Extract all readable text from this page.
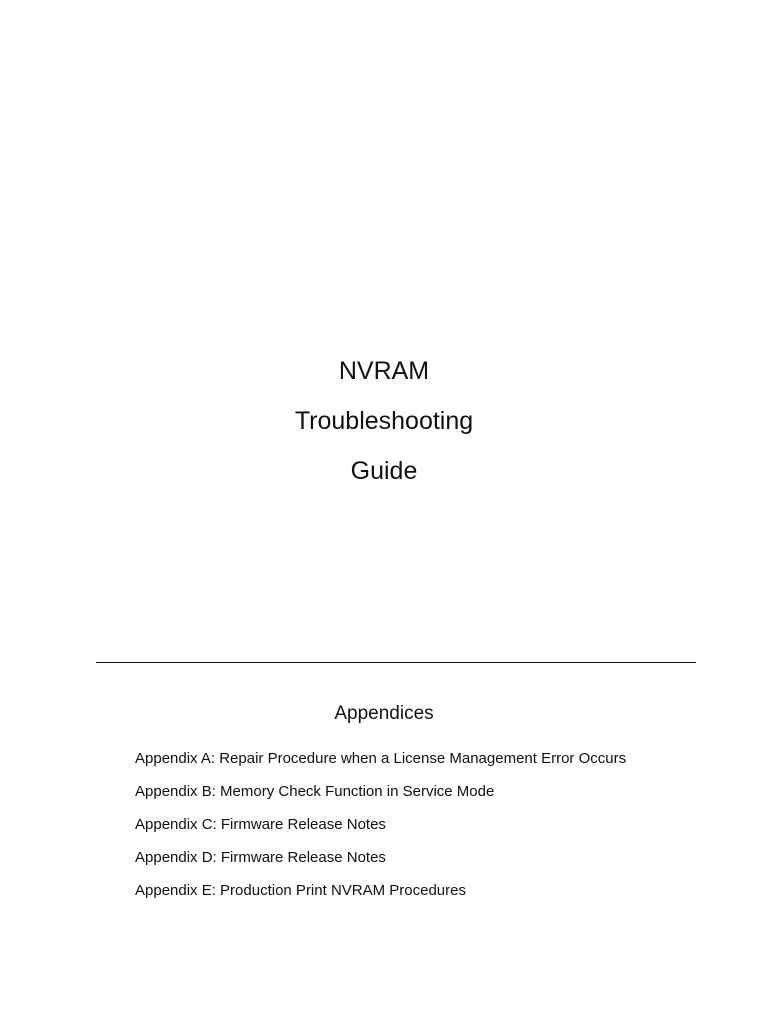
NVRAM
Troubleshooting
Guide
Appendices
Appendix A: Repair Procedure when a License Management Error Occurs
Appendix B: Memory Check Function in Service Mode
Appendix C: Firmware Release Notes
Appendix D: Firmware Release Notes
Appendix E: Production Print NVRAM Procedures
